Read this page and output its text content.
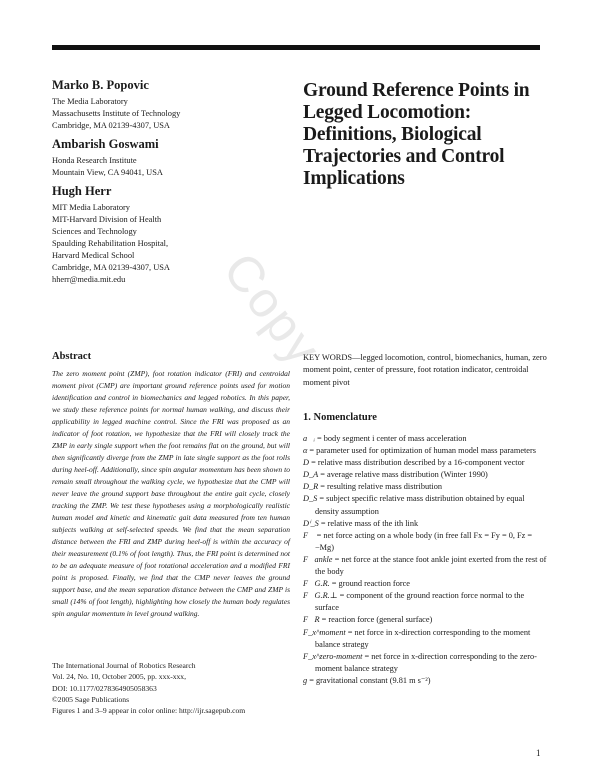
Copy
Marko B. Popovic
The Media Laboratory
Massachusetts Institute of Technology
Cambridge, MA 02139-4307, USA
Ambarish Goswami
Honda Research Institute
Mountain View, CA 94041, USA
Hugh Herr
MIT Media Laboratory
MIT-Harvard Division of Health
Sciences and Technology
Spaulding Rehabilitation Hospital,
Harvard Medical School
Cambridge, MA 02139-4307, USA
hherr@media.mit.edu
Ground Reference Points in Legged Locomotion: Definitions, Biological Trajectories and Control Implications
Abstract

The zero moment point (ZMP), foot rotation indicator (FRI) and centroidal moment pivot (CMP) are important ground reference points used for motion identification and control in biomechanics and legged robotics. In this paper, we study these reference points for normal human walking, and discuss their applicability in legged machine control. Since the FRI was proposed as an indicator of foot rotation, we hypothesize that the FRI will closely track the ZMP in early single support when the foot remains flat on the ground, but will then significantly diverge from the ZMP in late single support as the foot rolls during heel-off. Additionally, since spin angular momentum has been shown to remain small throughout the walking cycle, we hypothesize that the CMP will never leave the ground support base throughout the entire gait cycle, closely tracking the ZMP. We test these hypotheses using a morphologically realistic human model and kinetic and kinematic gait data measured from ten human subjects walking at self-selected speeds. We find that the mean separation distance between the FRI and ZMP during heel-off is within the accuracy of their measurement (0.1% of foot length). Thus, the FRI point is determined not to be an adequate measure of foot rotational acceleration and a modified FRI point is proposed. Finally, we find that the CMP never leaves the ground support base, and the mean separation distance between the CMP and ZMP is small (14% of foot length), highlighting how closely the human body regulates spin angular momentum in level ground walking.

The International Journal of Robotics Research
Vol. 24, No. 10, October 2005, pp. xxx-xxx,
DOI: 10.1177/0278364905058363
©2005 Sage Publications
Figures 1 and 3–9 appear in color online: http://ijr.sagepub.com

KEY WORDS—legged locomotion, control, biomechanics, human, zero moment point, center of pressure, foot rotation indicator, centroidal moment pivot

1. Nomenclature
a⃗ᵢ = body segment i center of mass acceleration
α = parameter used for optimization of human model mass parameters
D = relative mass distribution described by a 16-component vector
D_A = average relative mass distribution (Winter 1990)
D_R = resulting relative mass distribution
D_S = subject specific relative mass distribution obtained by equal density assumption
Dⁱ_S = relative mass of the ith link
F⃗ = net force acting on a whole body (in free fall Fx = Fy = 0, Fz = −Mg)
F⃗ankle = net force at the stance foot ankle joint exerted from the rest of the body
F⃗G.R. = ground reaction force
F⃗G.R.⊥ = component of the ground reaction force normal to the surface
F⃗R = reaction force (general surface)
F_x^moment = net force in x-direction corresponding to the moment balance strategy
F_x^zero-moment = net force in x-direction corresponding to the zero-moment balance strategy
g = gravitational constant (9.81 m s⁻²)
1
